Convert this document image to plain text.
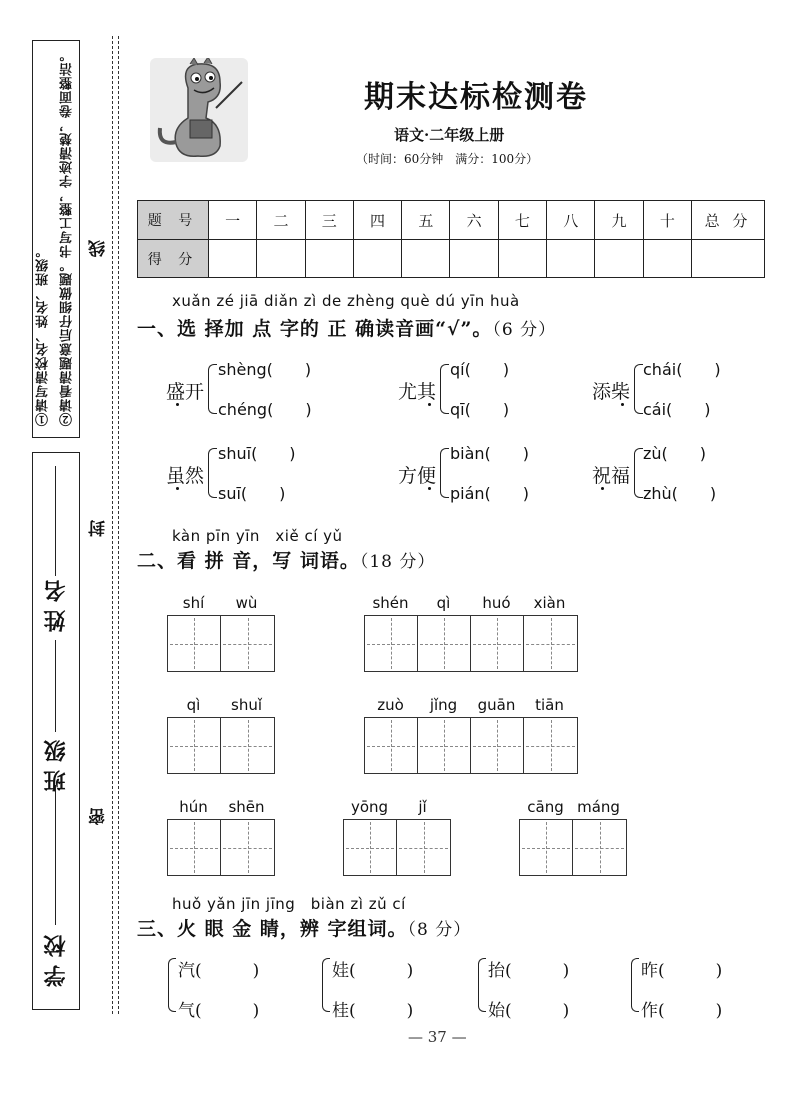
①请写清校名、姓名、班级。 ②请看清题意后仔细做题。书写工整，字迹清楚，卷面整洁。
学 校
班 级
姓 名
密
封
线
期末达标检测卷
语文·二年级上册
（时间：60分钟　满分：100分）
题 号	一	二	三	四	五	六	七	八	九	十	总 分
得 分											
xuǎn zé jiā diǎn zì de zhèng què dú yīn huà
一、选 择加 点 字的 正 确读音画“√”。（6 分）
盛开
shèng(　　)
chéng(　　)
尤其
qí(　　)
qī(　　)
添柴
chái(　　)
cái(　　)
虽然
shuī(　　)
suī(　　)
方便
biàn(　　)
pián(　　)
祝福
zù(　　)
zhù(　　)
kàn pīn yīn　xiě cí yǔ
二、看 拼 音，写 词语。（18 分）
shí	wù	shén	qì	huó	xiàn
qì	shuǐ	zuò	jǐng	guān	tiān
hún	shēn	yōng	jǐ	cāng máng
huǒ yǎn jīn jīng　biàn zì zǔ cí
三、火 眼 金 睛，辨 字组词。（8 分）
汽(　　　)
气(　　　)
娃(　　　)
桂(　　　)
抬(　　　)
始(　　　)
昨(　　　)
作(　　　)
— 37 —
